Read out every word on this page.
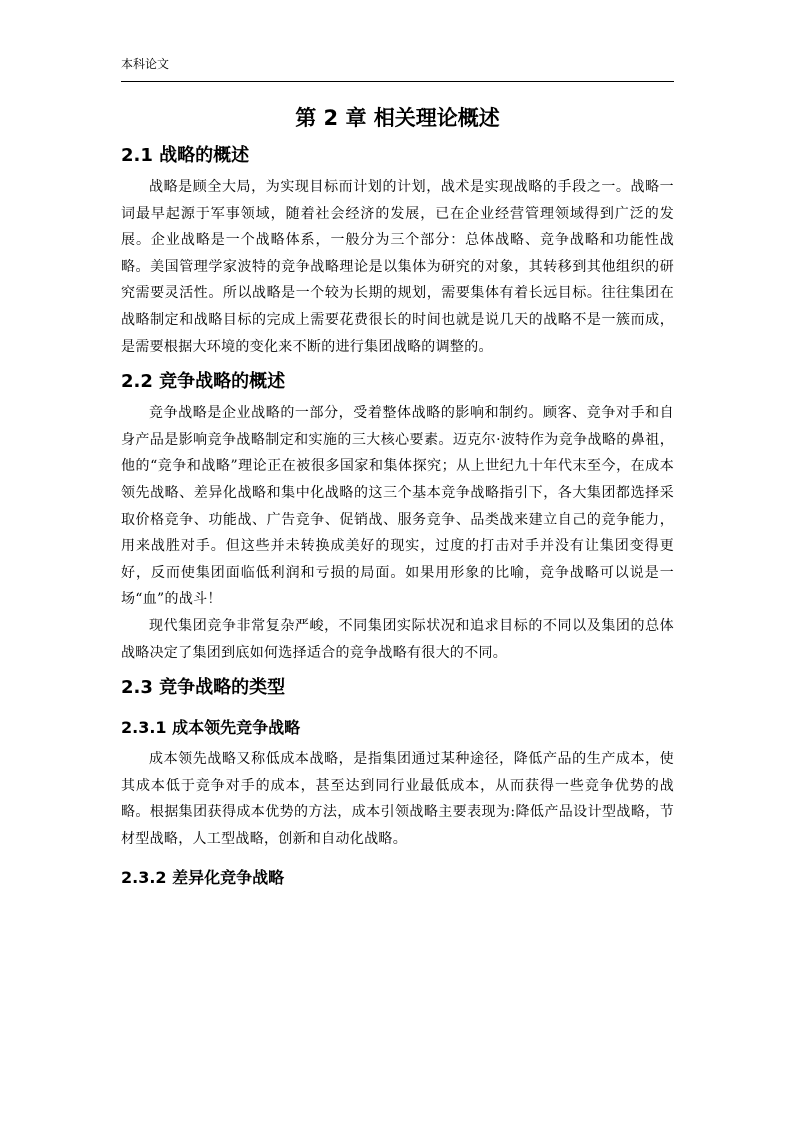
本科论文
第 2 章 相关理论概述
2.1 战略的概述

战略是顾全大局，为实现目标而计划的计划，战术是实现战略的手段之一。战略一词最早起源于军事领域，随着社会经济的发展，已在企业经营管理领域得到广泛的发展。企业战略是一个战略体系，一般分为三个部分：总体战略、竞争战略和功能性战略。美国管理学家波特的竞争战略理论是以集体为研究的对象，其转移到其他组织的研究需要灵活性。所以战略是一个较为长期的规划，需要集体有着长远目标。往往集团在战略制定和战略目标的完成上需要花费很长的时间也就是说几天的战略不是一簇而成，是需要根据大环境的变化来不断的进行集团战略的调整的。

2.2 竞争战略的概述

竞争战略是企业战略的一部分，受着整体战略的影响和制约。顾客、竞争对手和自身产品是影响竞争战略制定和实施的三大核心要素。迈克尔·波特作为竞争战略的鼻祖，他的“竞争和战略”理论正在被很多国家和集体探究；从上世纪九十年代末至今，在成本领先战略、差异化战略和集中化战略的这三个基本竞争战略指引下，各大集团都选择采取价格竞争、功能战、广告竞争、促销战、服务竞争、品类战来建立自己的竞争能力，用来战胜对手。但这些并未转换成美好的现实，过度的打击对手并没有让集团变得更好，反而使集团面临低利润和亏损的局面。如果用形象的比喻，竞争战略可以说是一场“血”的战斗！

现代集团竞争非常复杂严峻，不同集团实际状况和追求目标的不同以及集团的总体战略决定了集团到底如何选择适合的竞争战略有很大的不同。

2.3 竞争战略的类型
2.3.1 成本领先竞争战略

成本领先战略又称低成本战略，是指集团通过某种途径，降低产品的生产成本，使其成本低于竞争对手的成本，甚至达到同行业最低成本，从而获得一些竞争优势的战略。根据集团获得成本优势的方法，成本引领战略主要表现为:降低产品设计型战略，节材型战略，人工型战略，创新和自动化战略。

2.3.2 差异化竞争战略
